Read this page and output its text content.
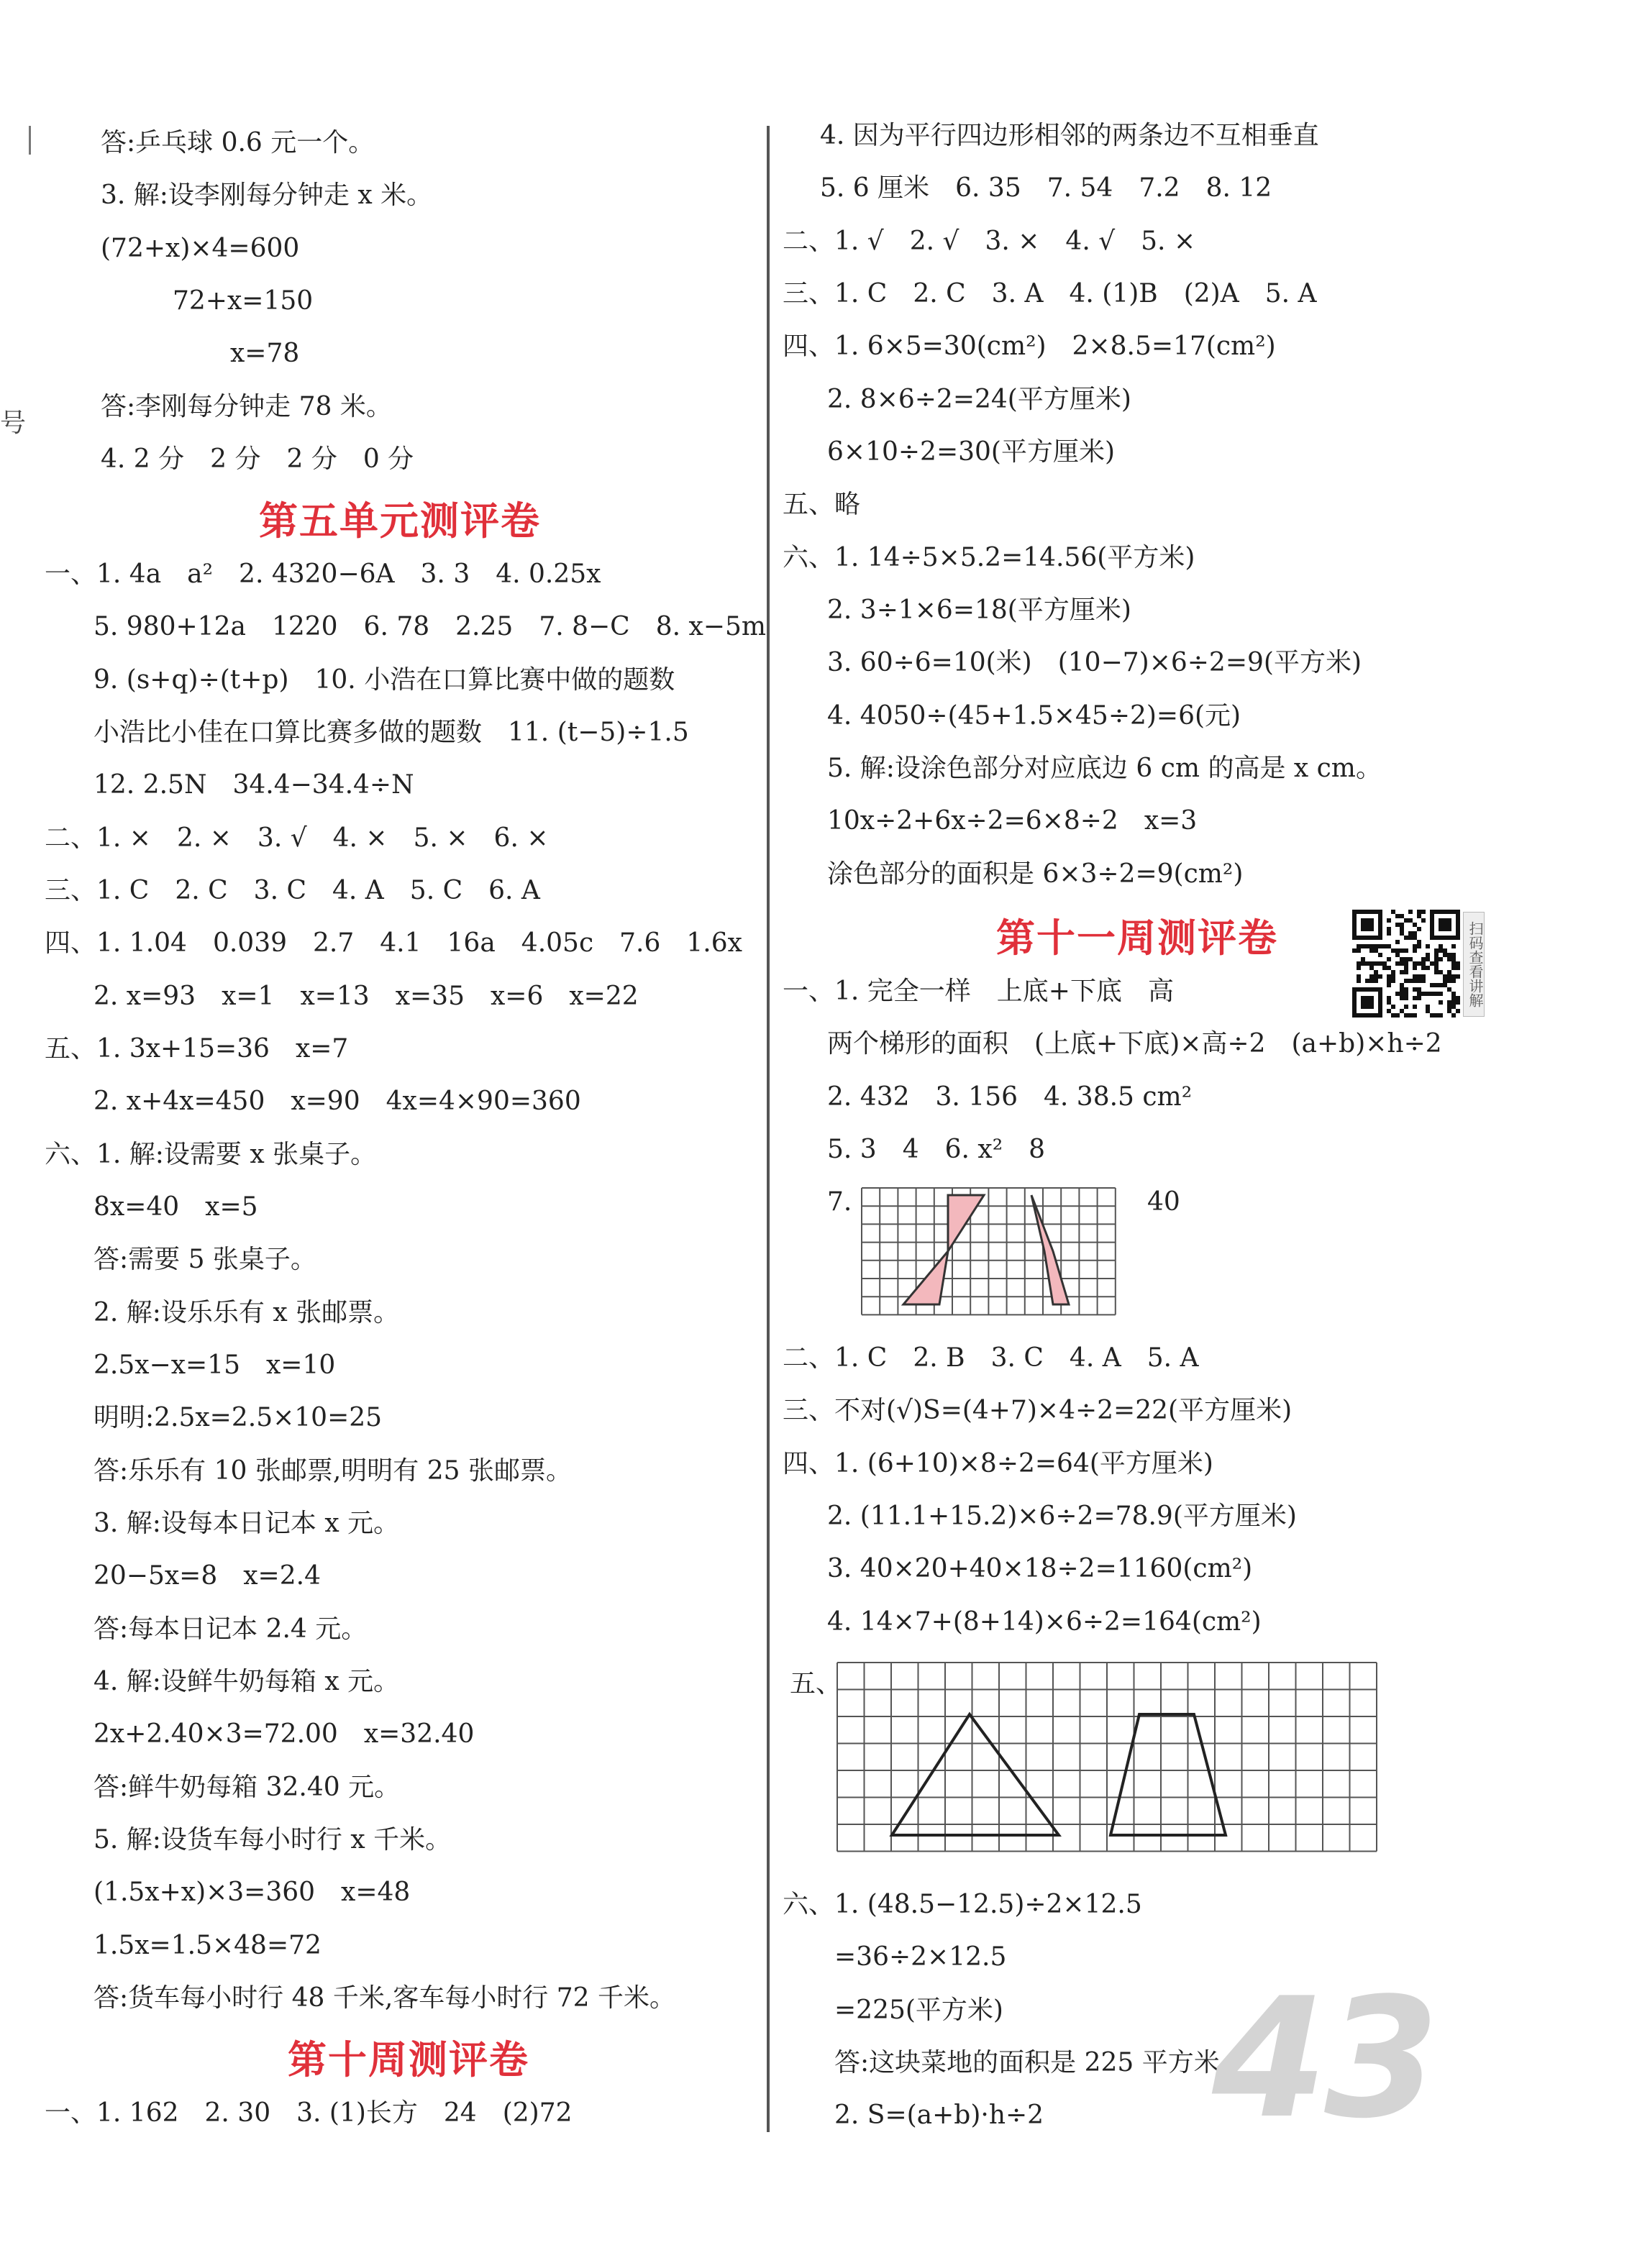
号
答:乒乓球 0.6 元一个。
3. 解:设李刚每分钟走 x 米。
(72+x)×4=600
72+x=150
x=78
答:李刚每分钟走 78 米。
4. 2 分　2 分　2 分　0 分
一、1. 4a　a²　2. 4320−6A　3. 3　4. 0.25x
5. 980+12a　1220　6. 78　2.25　7. 8−C　8. x−5m
9. (s+q)÷(t+p)　10. 小浩在口算比赛中做的题数
小浩比小佳在口算比赛多做的题数　11. (t−5)÷1.5
12. 2.5N　34.4−34.4÷N
二、1. ×　2. ×　3. √　4. ×　5. ×　6. ×
三、1. C　2. C　3. C　4. A　5. C　6. A
四、1. 1.04　0.039　2.7　4.1　16a　4.05c　7.6　1.6x
2. x=93　x=1　x=13　x=35　x=6　x=22
五、1. 3x+15=36　x=7
2. x+4x=450　x=90　4x=4×90=360
六、1. 解:设需要 x 张桌子。
8x=40　x=5
答:需要 5 张桌子。
2. 解:设乐乐有 x 张邮票。
2.5x−x=15　x=10
明明:2.5x=2.5×10=25
答:乐乐有 10 张邮票,明明有 25 张邮票。
3. 解:设每本日记本 x 元。
20−5x=8　x=2.4
答:每本日记本 2.4 元。
4. 解:设鲜牛奶每箱 x 元。
2x+2.40×3=72.00　x=32.40
答:鲜牛奶每箱 32.40 元。
5. 解:设货车每小时行 x 千米。
(1.5x+x)×3=360　x=48
1.5x=1.5×48=72
答:货车每小时行 48 千米,客车每小时行 72 千米。
一、1. 162　2. 30　3. (1)长方　24　(2)72
第五单元测评卷
第十周测评卷
4. 因为平行四边形相邻的两条边不互相垂直
5. 6 厘米　6. 35　7. 54　7.2　8. 12
二、1. √　2. √　3. ×　4. √　5. ×
三、1. C　2. C　3. A　4. (1)B　(2)A　5. A
四、1. 6×5=30(cm²)　2×8.5=17(cm²)
2. 8×6÷2=24(平方厘米)
6×10÷2=30(平方厘米)
五、略
六、1. 14÷5×5.2=14.56(平方米)
2. 3÷1×6=18(平方厘米)
3. 60÷6=10(米)　(10−7)×6÷2=9(平方米)
4. 4050÷(45+1.5×45÷2)=6(元)
5. 解:设涂色部分对应底边 6 cm 的高是 x cm。
10x÷2+6x÷2=6×8÷2　x=3
涂色部分的面积是 6×3÷2=9(cm²)
一、1. 完全一样　上底+下底　高
两个梯形的面积　(上底+下底)×高÷2　(a+b)×h÷2
2. 432　3. 156　4. 38.5 cm²
5. 3　4　6. x²　8
7.	40
二、1. C　2. B　3. C　4. A　5. A
三、不对(√)S=(4+7)×4÷2=22(平方厘米)
四、1. (6+10)×8÷2=64(平方厘米)
2. (11.1+15.2)×6÷2=78.9(平方厘米)
3. 40×20+40×18÷2=1160(cm²)
4. 14×7+(8+14)×6÷2=164(cm²)
五、
六、1. (48.5−12.5)÷2×12.5
=36÷2×12.5
=225(平方米)
答:这块菜地的面积是 225 平方米。
2. S=(a+b)·h÷2
第十一周测评卷	扫码查看讲解
43
